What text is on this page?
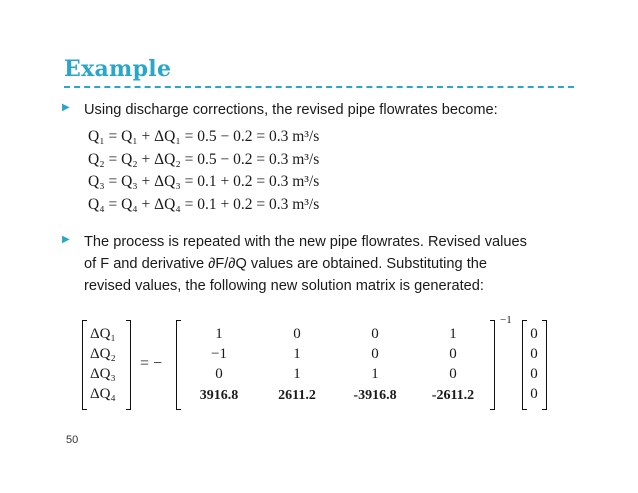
Example
▶ Using discharge corrections, the revised pipe flowrates become:
Q₁ = Q₁ + ΔQ₁ = 0.5 − 0.2 = 0.3 m³/s
Q₂ = Q₂ + ΔQ₂ = 0.5 − 0.2 = 0.3 m³/s
Q₃ = Q₃ + ΔQ₃ = 0.1 + 0.2 = 0.3 m³/s
Q₄ = Q₄ + ΔQ₄ = 0.1 + 0.2 = 0.3 m³/s
▶ The process is repeated with the new pipe flowrates. Revised values
of F and derivative ∂F/∂Q values are obtained. Substituting the
revised values, the following new solution matrix is generated:
ΔQ₁
ΔQ₂
ΔQ₃
ΔQ₄
= −
1	0	0	1
−1	1	0	0
0	1	1	0
3916.8	2611.2	-3916.8	-2611.2
−1
0
0
0
0
50
